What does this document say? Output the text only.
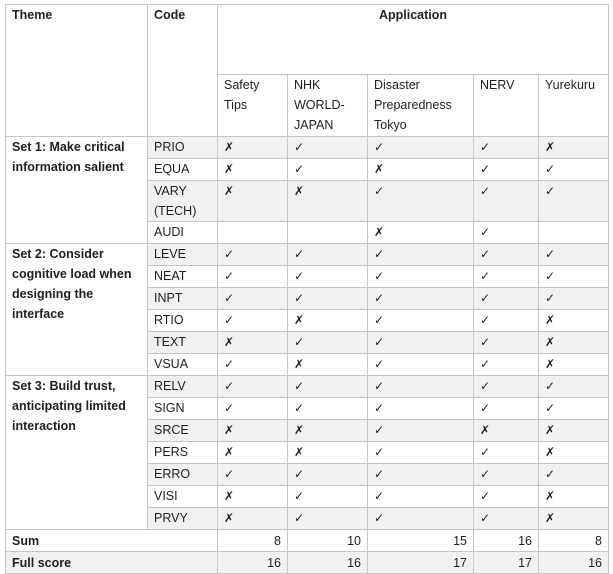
Theme	Code	Application				
		Safety Tips	NHK WORLD-JAPAN	Disaster Preparedness Tokyo	NERV	Yurekuru
Set 1: Make critical information salient	PRIO	✗	✓	✓	✓	✗
	EQUA	✗	✓	✗	✓	✓
	VARY (TECH)	✗	✗	✓	✓	✓
	AUDI			✗	✓	
Set 2: Consider cognitive load when designing the interface	LEVE	✓	✓	✓	✓	✓
	NEAT	✓	✓	✓	✓	✓
	INPT	✓	✓	✓	✓	✓
	RTIO	✓	✗	✓	✓	✗
	TEXT	✗	✓	✓	✓	✗
	VSUA	✓	✗	✓	✓	✗
Set 3: Build trust, anticipating limited interaction	RELV	✓	✓	✓	✓	✓
	SIGN	✓	✓	✓	✓	✓
	SRCE	✗	✗	✓	✗	✗
	PERS	✗	✗	✓	✓	✗
	ERRO	✓	✓	✓	✓	✓
	VISI	✗	✓	✓	✓	✗
	PRVY	✗	✓	✓	✓	✗
Sum		8	10	15	16	8
Full score		16	16	17	17	16
